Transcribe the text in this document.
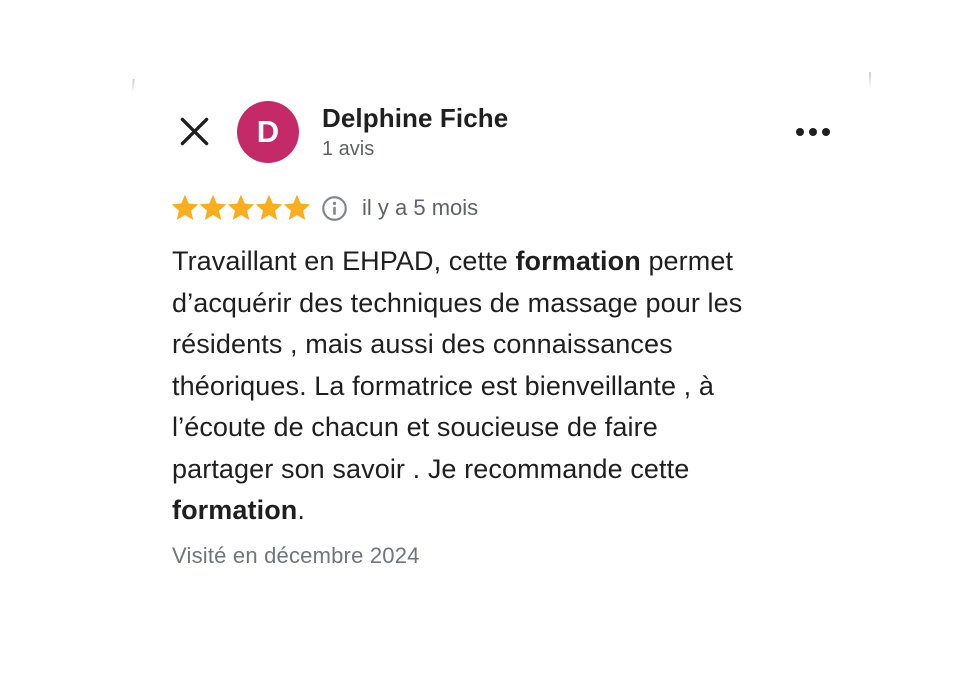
D Delphine Fiche
1 avis
il y a 5 mois
Travaillant en EHPAD, cette formation permet
d’acquérir des techniques de massage pour les
résidents , mais aussi des connaissances
théoriques. La formatrice est bienveillante , à
l’écoute de chacun et soucieuse de faire
partager son savoir . Je recommande cette
formation.
Visité en décembre 2024
